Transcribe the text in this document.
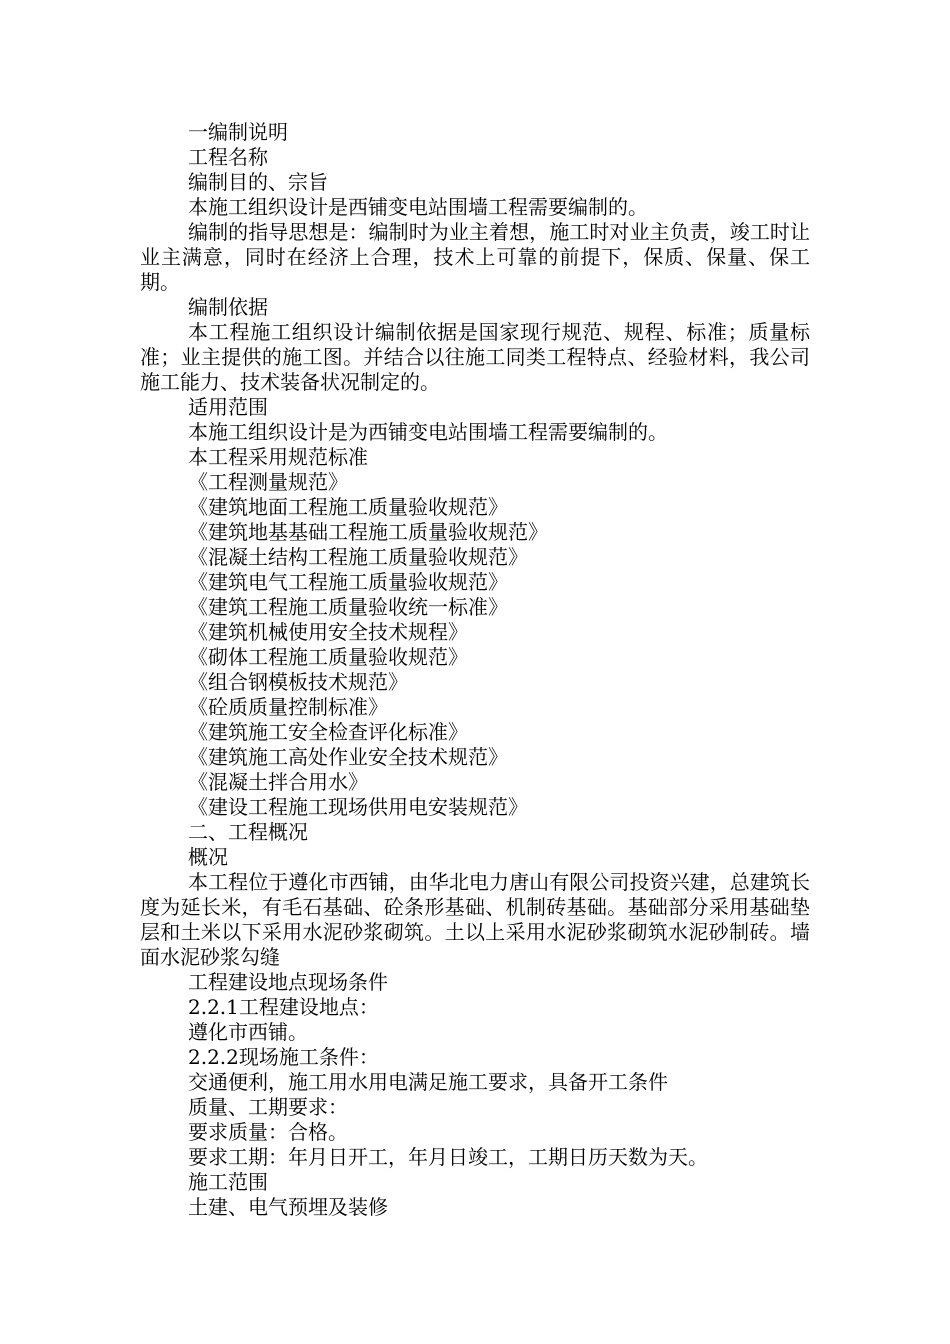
一编制说明

工程名称

编制目的、宗旨

本施工组织设计是西铺变电站围墙工程需要编制的。

编制的指导思想是：编制时为业主着想，施工时对业主负责，竣工时让业主满意，同时在经济上合理，技术上可靠的前提下，保质、保量、保工期。

编制依据

本工程施工组织设计编制依据是国家现行规范、规程、标准；质量标准；业主提供的施工图。并结合以往施工同类工程特点、经验材料，我公司施工能力、技术装备状况制定的。

适用范围

本施工组织设计是为西铺变电站围墙工程需要编制的。

本工程采用规范标准

《工程测量规范》

《建筑地面工程施工质量验收规范》

《建筑地基基础工程施工质量验收规范》

《混凝土结构工程施工质量验收规范》

《建筑电气工程施工质量验收规范》

《建筑工程施工质量验收统一标准》

《建筑机械使用安全技术规程》

《砌体工程施工质量验收规范》

《组合钢模板技术规范》

《砼质质量控制标准》

《建筑施工安全检查评化标准》

《建筑施工高处作业安全技术规范》

《混凝土拌合用水》

《建设工程施工现场供用电安装规范》

二、工程概况

概况

本工程位于遵化市西铺，由华北电力唐山有限公司投资兴建，总建筑长度为延长米，有毛石基础、砼条形基础、机制砖基础。基础部分采用基础垫层和土米以下采用水泥砂浆砌筑。土以上采用水泥砂浆砌筑水泥砂制砖。墙面水泥砂浆勾缝

工程建设地点现场条件

2.2.1工程建设地点：

遵化市西铺。

2.2.2现场施工条件：

交通便利，施工用水用电满足施工要求，具备开工条件

质量、工期要求：

要求质量：合格。

要求工期：年月日开工，年月日竣工，工期日历天数为天。

施工范围

土建、电气预埋及装修
